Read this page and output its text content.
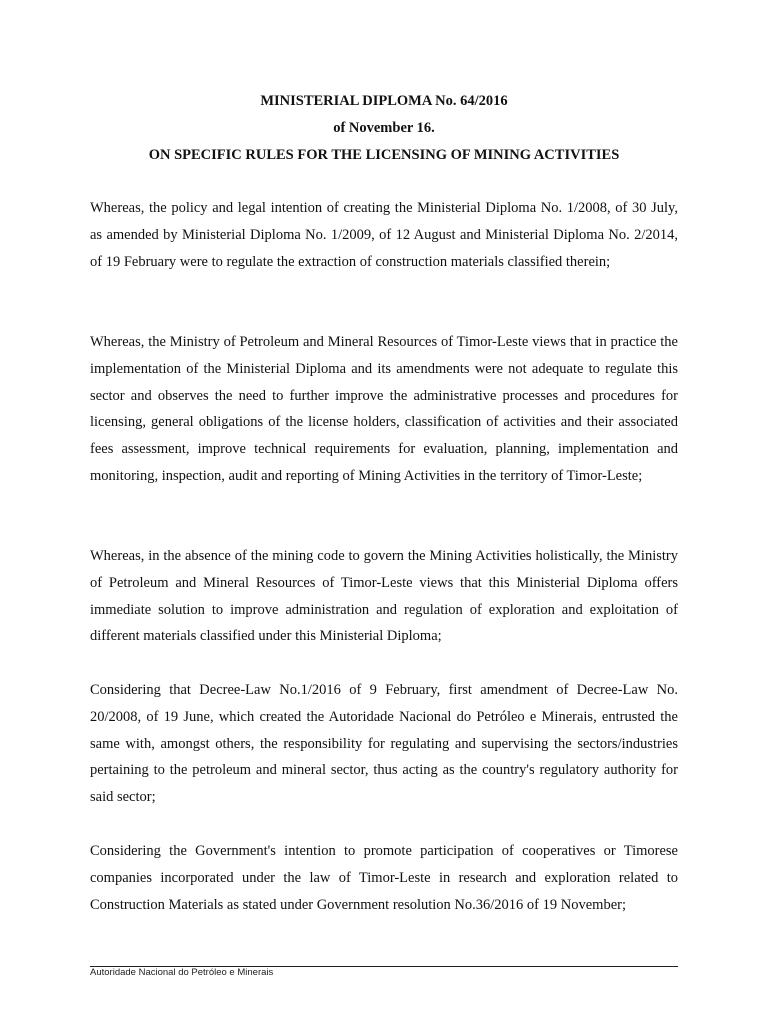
MINISTERIAL DIPLOMA No. 64/2016
of November 16.
ON SPECIFIC RULES FOR THE LICENSING OF MINING ACTIVITIES

Whereas, the policy and legal intention of creating the Ministerial Diploma No. 1/2008, of 30 July, as amended by Ministerial Diploma No. 1/2009, of 12 August and Ministerial Diploma No. 2/2014, of 19 February were to regulate the extraction of construction materials classified therein;

Whereas, the Ministry of Petroleum and Mineral Resources of Timor-Leste views that in practice the implementation of the Ministerial Diploma and its amendments were not adequate to regulate this sector and observes the need to further improve the administrative processes and procedures for licensing, general obligations of the license holders, classification of activities and their associated fees assessment, improve technical requirements for evaluation, planning, implementation and monitoring, inspection, audit and reporting of Mining Activities in the territory of Timor-Leste;

Whereas, in the absence of the mining code to govern the Mining Activities holistically, the Ministry of Petroleum and Mineral Resources of Timor-Leste views that this Ministerial Diploma offers immediate solution to improve administration and regulation of exploration and exploitation of different materials classified under this Ministerial Diploma;

Considering that Decree-Law No.1/2016 of 9 February, first amendment of Decree-Law No. 20/2008, of 19 June, which created the Autoridade Nacional do Petróleo e Minerais, entrusted the same with, amongst others, the responsibility for regulating and supervising the sectors/industries pertaining to the petroleum and mineral sector, thus acting as the country's regulatory authority for said sector;

Considering the Government's intention to promote participation of cooperatives or Timorese companies incorporated under the law of Timor-Leste in research and exploration related to Construction Materials as stated under Government resolution No.36/2016 of 19 November;

Autoridade Nacional do Petróleo e Minerais
